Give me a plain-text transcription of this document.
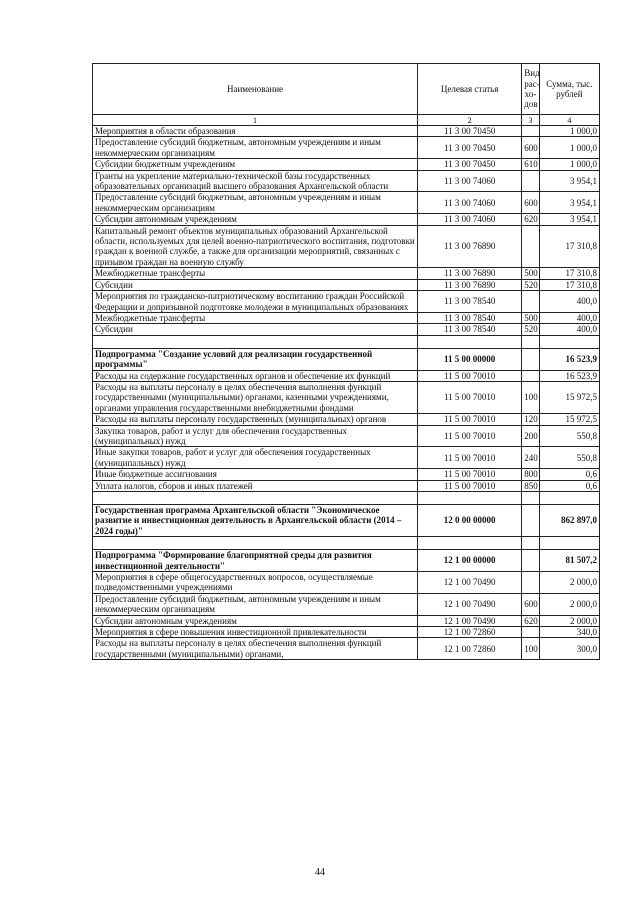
Наименование	Целевая статья	Вид рас-хо-дов	Сумма, тыс. рублей
1	2	3	4
Мероприятия в области образования	11 3 00 70450		1 000,0
Предоставление субсидий бюджетным, автономным учреждениям и иным некоммерческим организациям	11 3 00 70450	600	1 000,0
Субсидии бюджетным учреждениям	11 3 00 70450	610	1 000,0
Гранты на укрепление материально-технической базы государственных образовательных организаций высшего образования Архангельской области	11 3 00 74060		3 954,1
Предоставление субсидий бюджетным, автономным учреждениям и иным некоммерческим организациям	11 3 00 74060	600	3 954,1
Субсидии автономным учреждениям	11 3 00 74060	620	3 954,1
Капитальный ремонт объектов муниципальных образований Архангельской области, используемых для целей военно-патриотического воспитания, подготовки граждан к военной службе, а также для организации мероприятий, связанных с призывом граждан на военную службу	11 3 00 76890		17 310,8
Межбюджетные трансферты	11 3 00 76890	500	17 310,8
Субсидии	11 3 00 76890	520	17 310,8
Мероприятия по гражданско-патриотическому воспитанию граждан Российской Федерации и допризывной подготовке молодежи в муниципальных образованиях	11 3 00 78540		400,0
Межбюджетные трансферты	11 3 00 78540	500	400,0
Субсидии	11 3 00 78540	520	400,0

Подпрограмма "Создание условий для реализации государственной программы"	11 5 00 00000		16 523,9
Расходы на содержание государственных органов и обеспечение их функций	11 5 00 70010		16 523,9
Расходы на выплаты персоналу в целях обеспечения выполнения функций государственными (муниципальными) органами, казенными учреждениями, органами управления государственными внебюджетными фондами	11 5 00 70010	100	15 972,5
Расходы на выплаты персоналу государственных (муниципальных) органов	11 5 00 70010	120	15 972,5
Закупка товаров, работ и услуг для обеспечения государственных (муниципальных) нужд	11 5 00 70010	200	550,8
Иные закупки товаров, работ и услуг для обеспечения государственных (муниципальных) нужд	11 5 00 70010	240	550,8
Иные бюджетные ассигнования	11 5 00 70010	800	0,6
Уплата налогов, сборов и иных платежей	11 5 00 70010	850	0,6

Государственная программа Архангельской области "Экономическое развитие и инвестиционная деятельность в Архангельской области (2014 – 2024 годы)"	12 0 00 00000		862 897,0

Подпрограмма "Формирование благоприятной среды для развития инвестиционной деятельности"	12 1 00 00000		81 507,2
Мероприятия в сфере общегосударственных вопросов, осуществляемые подведомственными учреждениями	12 1 00 70490		2 000,0
Предоставление субсидий бюджетным, автономным учреждениям и иным некоммерческим организациям	12 1 00 70490	600	2 000,0
Субсидии автономным учреждениям	12 1 00 70490	620	2 000,0
Мероприятия в сфере повышения инвестиционной привлекательности	12 1 00 72860		340,0
Расходы на выплаты персоналу в целях обеспечения выполнения функций государственными (муниципальными) органами,	12 1 00 72860	100	300,0
44
